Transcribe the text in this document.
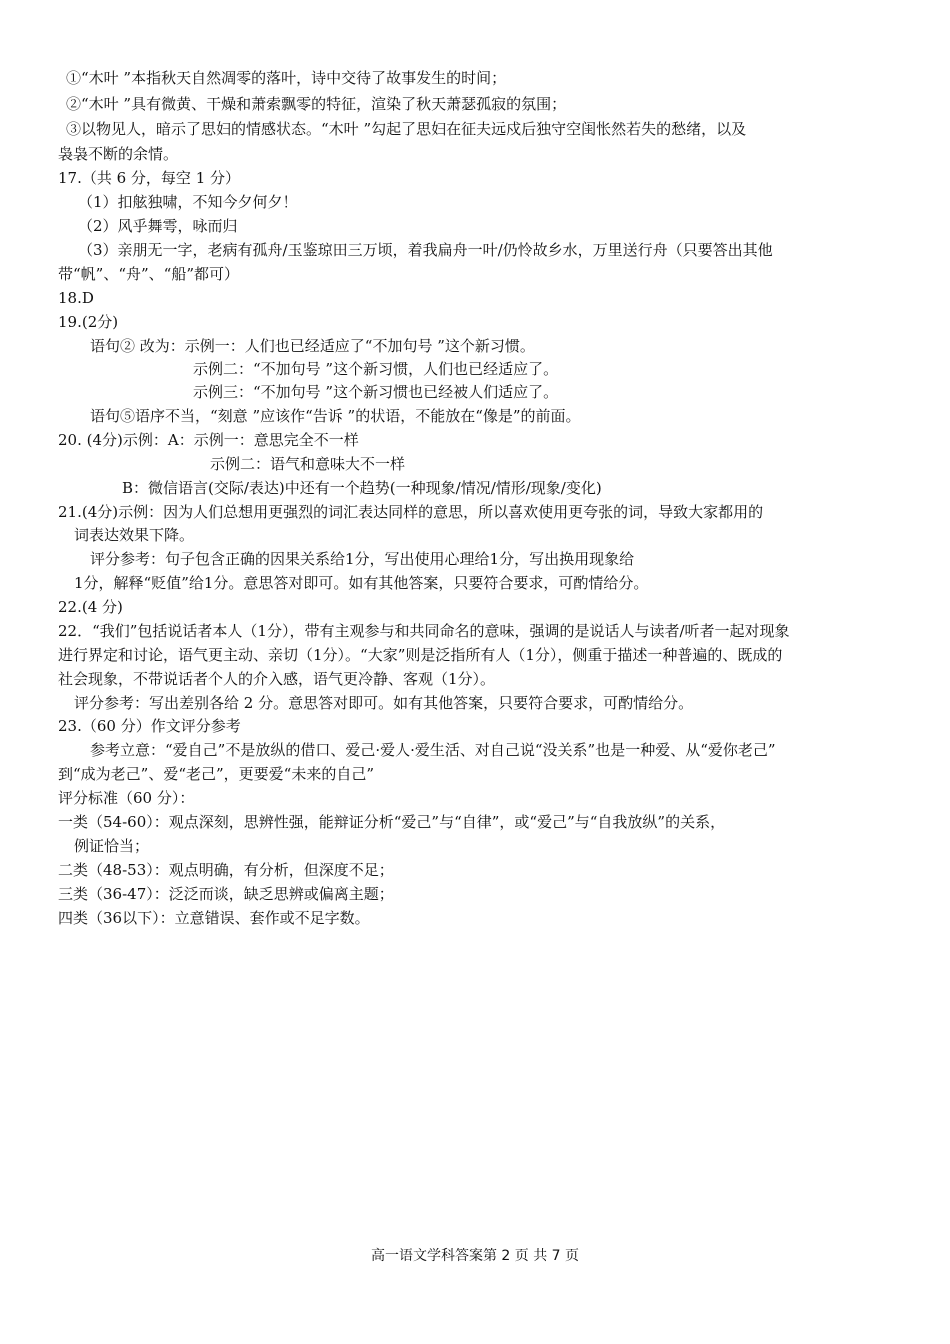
①“木叶 ”本指秋天自然凋零的落叶，诗中交待了故事发生的时间；
②“木叶 ”具有微黄、干燥和萧索飘零的特征，渲染了秋天萧瑟孤寂的氛围；
③以物见人，暗示了思妇的情感状态。“木叶 ”勾起了思妇在征夫远戍后独守空闺怅然若失的愁绪，以及
袅袅不断的余情。
17.（共 6 分，每空 1 分）
（1）扣舷独啸，不知今夕何夕！
（2）风乎舞雩，咏而归
（3）亲朋无一字，老病有孤舟/玉鉴琼田三万顷，着我扁舟一叶/仍怜故乡水，万里送行舟（只要答出其他
带“帆”、“舟”、“船”都可）
18.D
19.(2分)
语句② 改为：示例一：人们也已经适应了“不加句号 ”这个新习惯。
示例二：“不加句号 ”这个新习惯，人们也已经适应了。
示例三：“不加句号 ”这个新习惯也已经被人们适应了。
语句⑤语序不当，“刻意 ”应该作“告诉 ”的状语，不能放在“像是”的前面。
20. (4分)示例：A：示例一：意思完全不一样
示例二：语气和意味大不一样
B：微信语言(交际/表达)中还有一个趋势(一种现象/情况/情形/现象/变化)
21.(4分)示例：因为人们总想用更强烈的词汇表达同样的意思，所以喜欢使用更夸张的词，导致大家都用的
词表达效果下降。
评分参考：句子包含正确的因果关系给1分，写出使用心理给1分，写出换用现象给
1分，解释“贬值”给1分。意思答对即可。如有其他答案，只要符合要求，可酌情给分。
22.(4 分)
22．“我们”包括说话者本人（1分），带有主观参与和共同命名的意味，强调的是说话人与读者/听者一起对现象
进行界定和讨论，语气更主动、亲切（1分）。“大家”则是泛指所有人（1分），侧重于描述一种普遍的、既成的
社会现象，不带说话者个人的介入感，语气更冷静、客观（1分）。
评分参考：写出差别各给 2 分。意思答对即可。如有其他答案，只要符合要求，可酌情给分。
23.（60 分）作文评分参考
参考立意：“爱自己”不是放纵的借口、爱己·爱人·爱生活、对自己说“没关系”也是一种爱、从“爱你老己”
到“成为老己”、爱“老己”，更要爱“未来的自己”
评分标准（60 分）：
一类（54-60）：观点深刻，思辨性强，能辩证分析“爱己”与“自律”，或“爱己”与“自我放纵”的关系，
例证恰当；
二类（48-53）：观点明确，有分析，但深度不足；
三类（36-47）：泛泛而谈，缺乏思辨或偏离主题；
四类（36以下）：立意错误、套作或不足字数。
高一语文学科答案第 2 页 共 7 页
